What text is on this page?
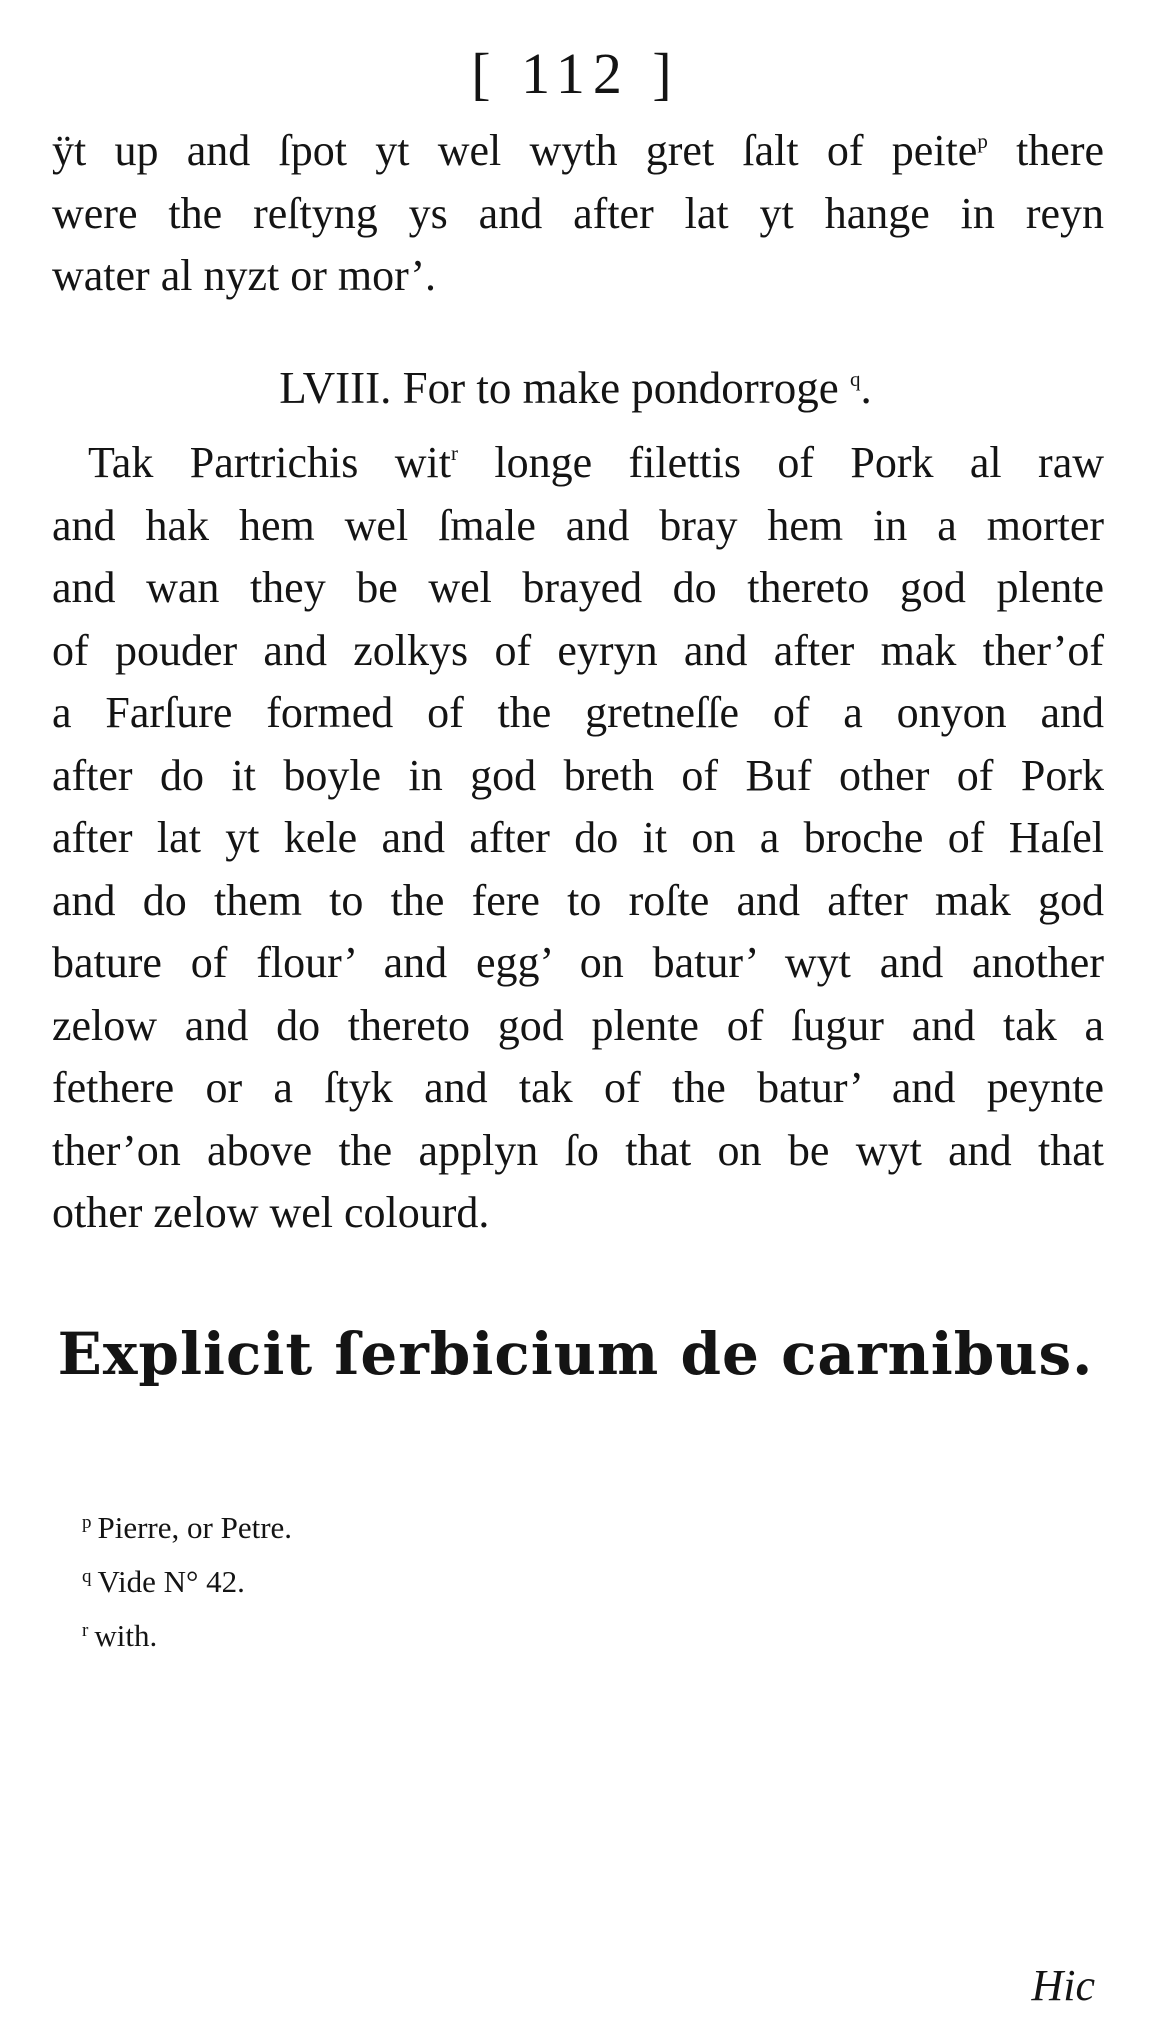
[ 112 ]

ÿt up and ſpot yt wel wyth gret ſalt of peite$^p$ there
were the reſtyng ys and after lat yt hange in reyn
water al nyzt or mor’.

LVIII. For to make pondorroge $^q$.

Tak Partrichis wit$^r$ longe filettis of Pork al raw
and hak hem wel ſmale and bray hem in a morter
and wan they be wel brayed do thereto god plente
of pouder and zolkys of eyryn and after mak ther’of
a Farſure formed of the gretneſſe of a onyon and
after do it boyle in god breth of Buf other of Pork
after lat yt kele and after do it on a broche of Haſel
and do them to the fere to roſte and after mak god
bature of flour’ and egg’ on batur’ wyt and another
zelow and do thereto god plente of ſugur and tak a
fethere or a ſtyk and tak of the batur’ and peynte
ther’on above the applyn ſo that on be wyt and that
other zelow wel colourd.

Explicit ſerbicium de carnibus.

$^p$ Pierre, or Petre.
$^q$ Vide N° 42.
$^r$ with.

Hic
